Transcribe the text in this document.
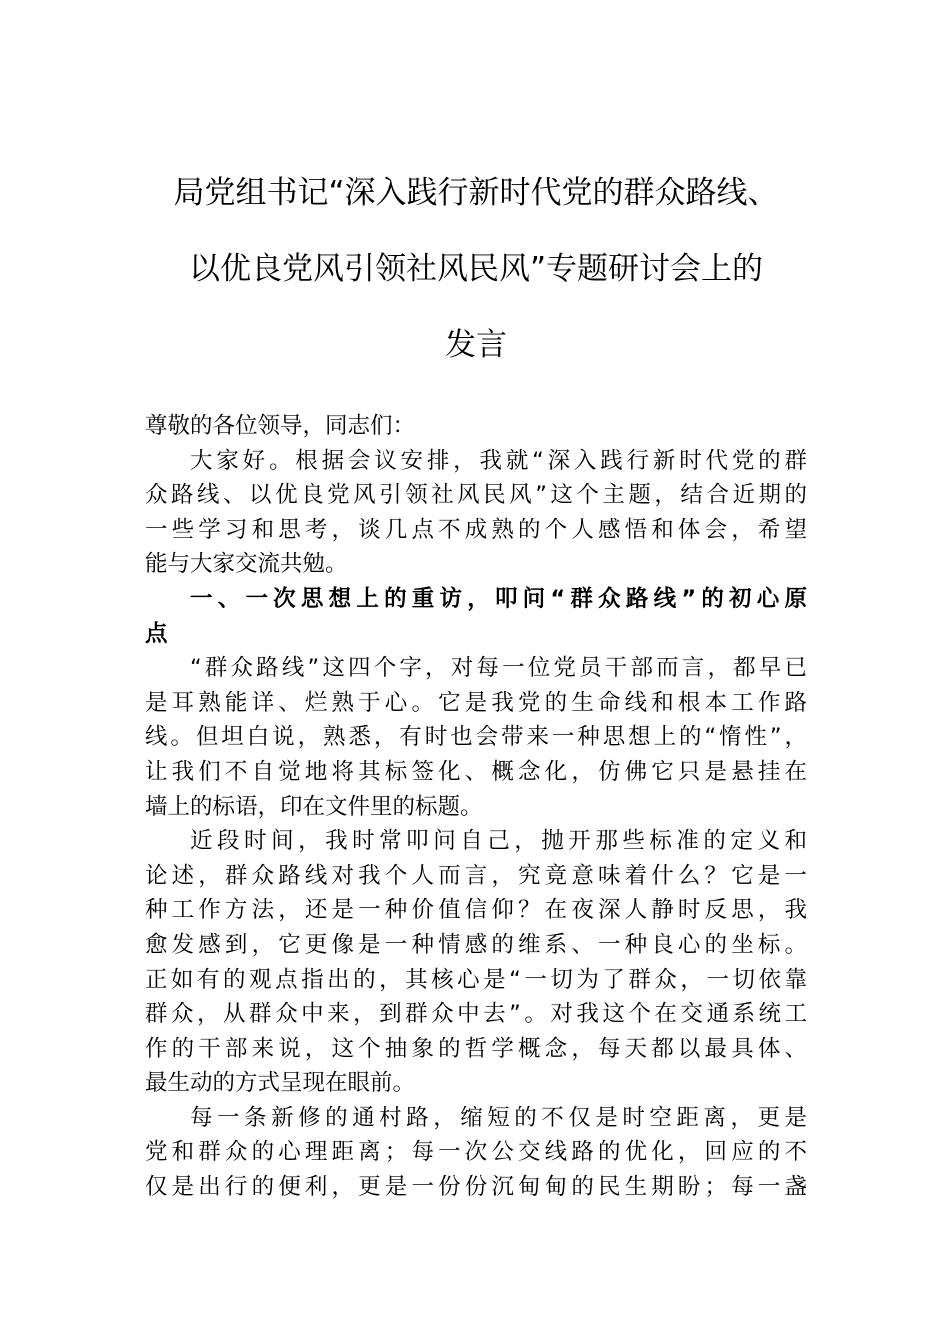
局党组书记“深入践行新时代党的群众路线、
以优良党风引领社风民风”专题研讨会上的
发言

尊敬的各位领导，同志们：

大家好。根据会议安排，我就“深入践行新时代党的群
众路线、以优良党风引领社风民风”这个主题，结合近期的
一些学习和思考，谈几点不成熟的个人感悟和体会，希望
能与大家交流共勉。

一、一次思想上的重访，叩问“群众路线”的初心原
点

“群众路线”这四个字，对每一位党员干部而言，都早已
是耳熟能详、烂熟于心。它是我党的生命线和根本工作路
线。但坦白说，熟悉，有时也会带来一种思想上的“惰性”，
让我们不自觉地将其标签化、概念化，仿佛它只是悬挂在
墙上的标语，印在文件里的标题。

近段时间，我时常叩问自己，抛开那些标准的定义和
论述，群众路线对我个人而言，究竟意味着什么？它是一
种工作方法，还是一种价值信仰？在夜深人静时反思，我
愈发感到，它更像是一种情感的维系、一种良心的坐标。
正如有的观点指出的，其核心是“一切为了群众，一切依靠
群众，从群众中来，到群众中去”。对我这个在交通系统工
作的干部来说，这个抽象的哲学概念，每天都以最具体、
最生动的方式呈现在眼前。

每一条新修的通村路，缩短的不仅是时空距离，更是
党和群众的心理距离；每一次公交线路的优化，回应的不
仅是出行的便利，更是一份份沉甸甸的民生期盼；每一盏
